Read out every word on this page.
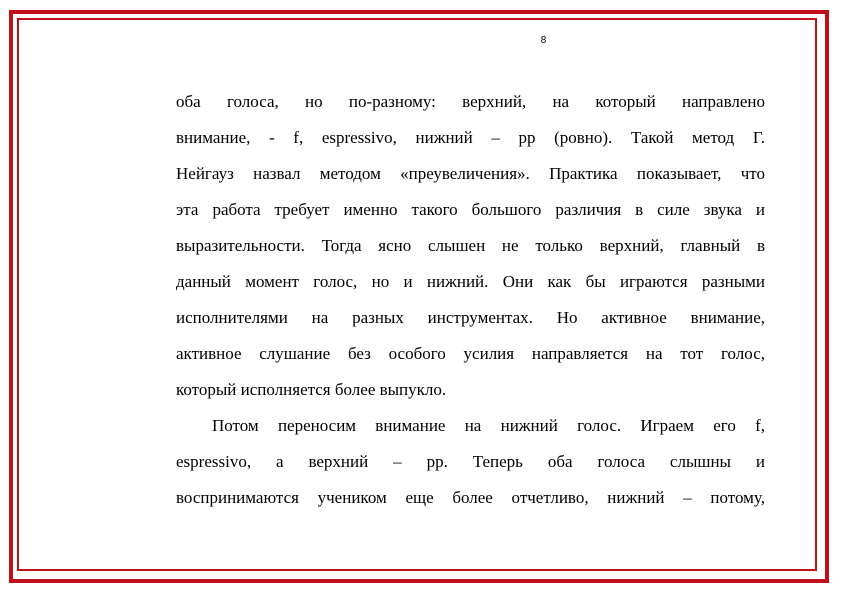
8

оба голоса, но по-разному: верхний, на который направлено
внимание, - f, espressivo, нижний – pp (ровно). Такой метод Г.
Нейгауз назвал методом «преувеличения». Практика показывает, что
эта работа требует именно такого большого различия в силе звука и
выразительности. Тогда ясно слышен не только верхний, главный в
данный момент голос, но и нижний. Они как бы играются разными
исполнителями на разных инструментах. Но активное внимание,
активное слушание без особого усилия направляется на тот голос,
который исполняется более выпукло.

Потом переносим внимание на нижний голос. Играем его f,
espressivo, а верхний – pp. Теперь оба голоса слышны и
воспринимаются учеником еще более отчетливо, нижний – потому,
